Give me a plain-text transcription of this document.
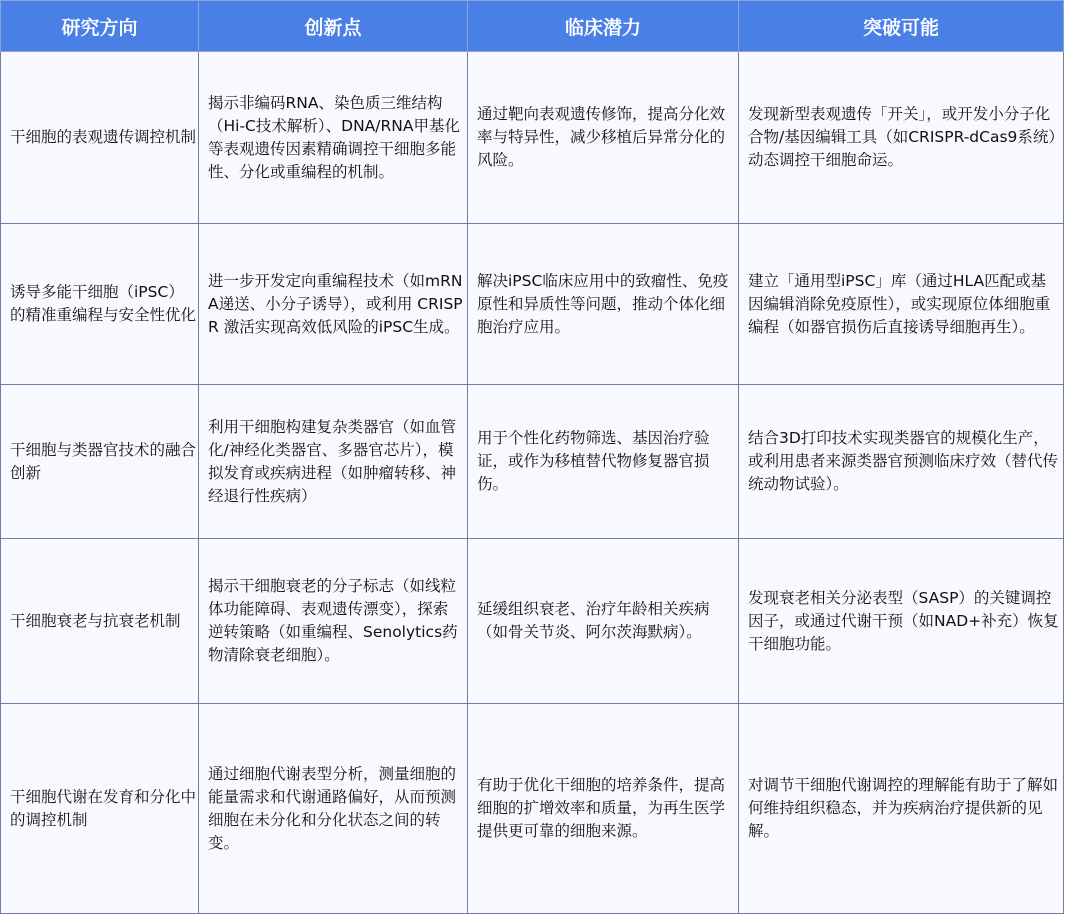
研究方向	创新点	临床潜力	突破可能
干细胞的表观遗传调控机制	揭示非编码RNA、染色质三维结构（Hi-C技术解析）、DNA/RNA甲基化等表观遗传因素精确调控干细胞多能性、分化或重编程的机制。	通过靶向表观遗传修饰，提高分化效率与特异性，减少移植后异常分化的风险。	发现新型表观遗传「开关」，或开发小分子化合物/基因编辑工具（如CRISPR-dCas9系统）动态调控干细胞命运。
诱导多能干细胞（iPSC）的精准重编程与安全性优化	进一步开发定向重编程技术（如mRNA递送、小分子诱导），或利用 CRISPR 激活实现高效低风险的iPSC生成。	解决iPSC临床应用中的致瘤性、免疫原性和异质性等问题，推动个体化细胞治疗应用。	建立「通用型iPSC」库（通过HLA匹配或基因编辑消除免疫原性），或实现原位体细胞重编程（如器官损伤后直接诱导细胞再生）。
干细胞与类器官技术的融合创新	利用干细胞构建复杂类器官（如血管化/神经化类器官、多器官芯片），模拟发育或疾病进程（如肿瘤转移、神经退行性疾病）	用于个性化药物筛选、基因治疗验证，或作为移植替代物修复器官损伤。	结合3D打印技术实现类器官的规模化生产，或利用患者来源类器官预测临床疗效（替代传统动物试验）。
干细胞衰老与抗衰老机制	揭示干细胞衰老的分子标志（如线粒体功能障碍、表观遗传漂变），探索逆转策略（如重编程、Senolytics药物清除衰老细胞）。	延缓组织衰老、治疗年龄相关疾病（如骨关节炎、阿尔茨海默病）。	发现衰老相关分泌表型（SASP）的关键调控因子，或通过代谢干预（如NAD+补充）恢复干细胞功能。
干细胞代谢在发育和分化中的调控机制	通过细胞代谢表型分析，测量细胞的能量需求和代谢通路偏好，从而预测细胞在未分化和分化状态之间的转变。	有助于优化干细胞的培养条件，提高细胞的扩增效率和质量，为再生医学提供更可靠的细胞来源。	对调节干细胞代谢调控的理解能有助于了解如何维持组织稳态，并为疾病治疗提供新的见解。
